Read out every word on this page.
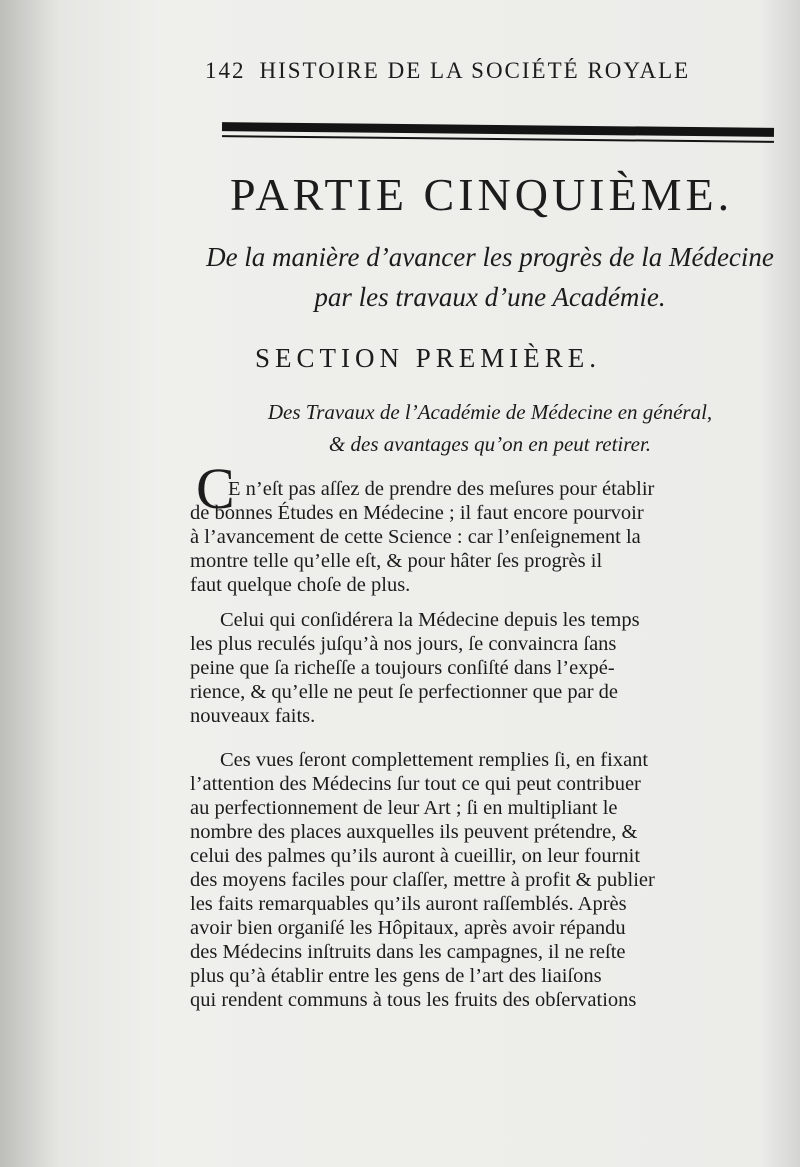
142 HISTOIRE DE LA SOCIÉTÉ ROYALE
PARTIE CINQUIÈME.
De la manière d’avancer les progrès de la Médecine
par les travaux d’une Académie.
SECTION PREMIÈRE.
Des Travaux de l’Académie de Médecine en général,
& des avantages qu’on en peut retirer.
C
E n’eſt pas aſſez de prendre des meſures pour établir
de bonnes Études en Médecine ; il faut encore pourvoir
à l’avancement de cette Science : car l’enſeignement la
montre telle qu’elle eſt, & pour hâter ſes progrès il
faut quelque choſe de plus.
Celui qui conſidérera la Médecine depuis les temps
les plus reculés juſqu’à nos jours, ſe convaincra ſans
peine que ſa richeſſe a toujours conſiſté dans l’expé-
rience, & qu’elle ne peut ſe perfectionner que par de
nouveaux faits.
Ces vues ſeront complettement remplies ſi, en fixant
l’attention des Médecins ſur tout ce qui peut contribuer
au perfectionnement de leur Art ; ſi en multipliant le
nombre des places auxquelles ils peuvent prétendre, &
celui des palmes qu’ils auront à cueillir, on leur fournit
des moyens faciles pour claſſer, mettre à profit & publier
les faits remarquables qu’ils auront raſſemblés. Après
avoir bien organiſé les Hôpitaux, après avoir répandu
des Médecins inſtruits dans les campagnes, il ne reſte
plus qu’à établir entre les gens de l’art des liaiſons
qui rendent communs à tous les fruits des obſervations
